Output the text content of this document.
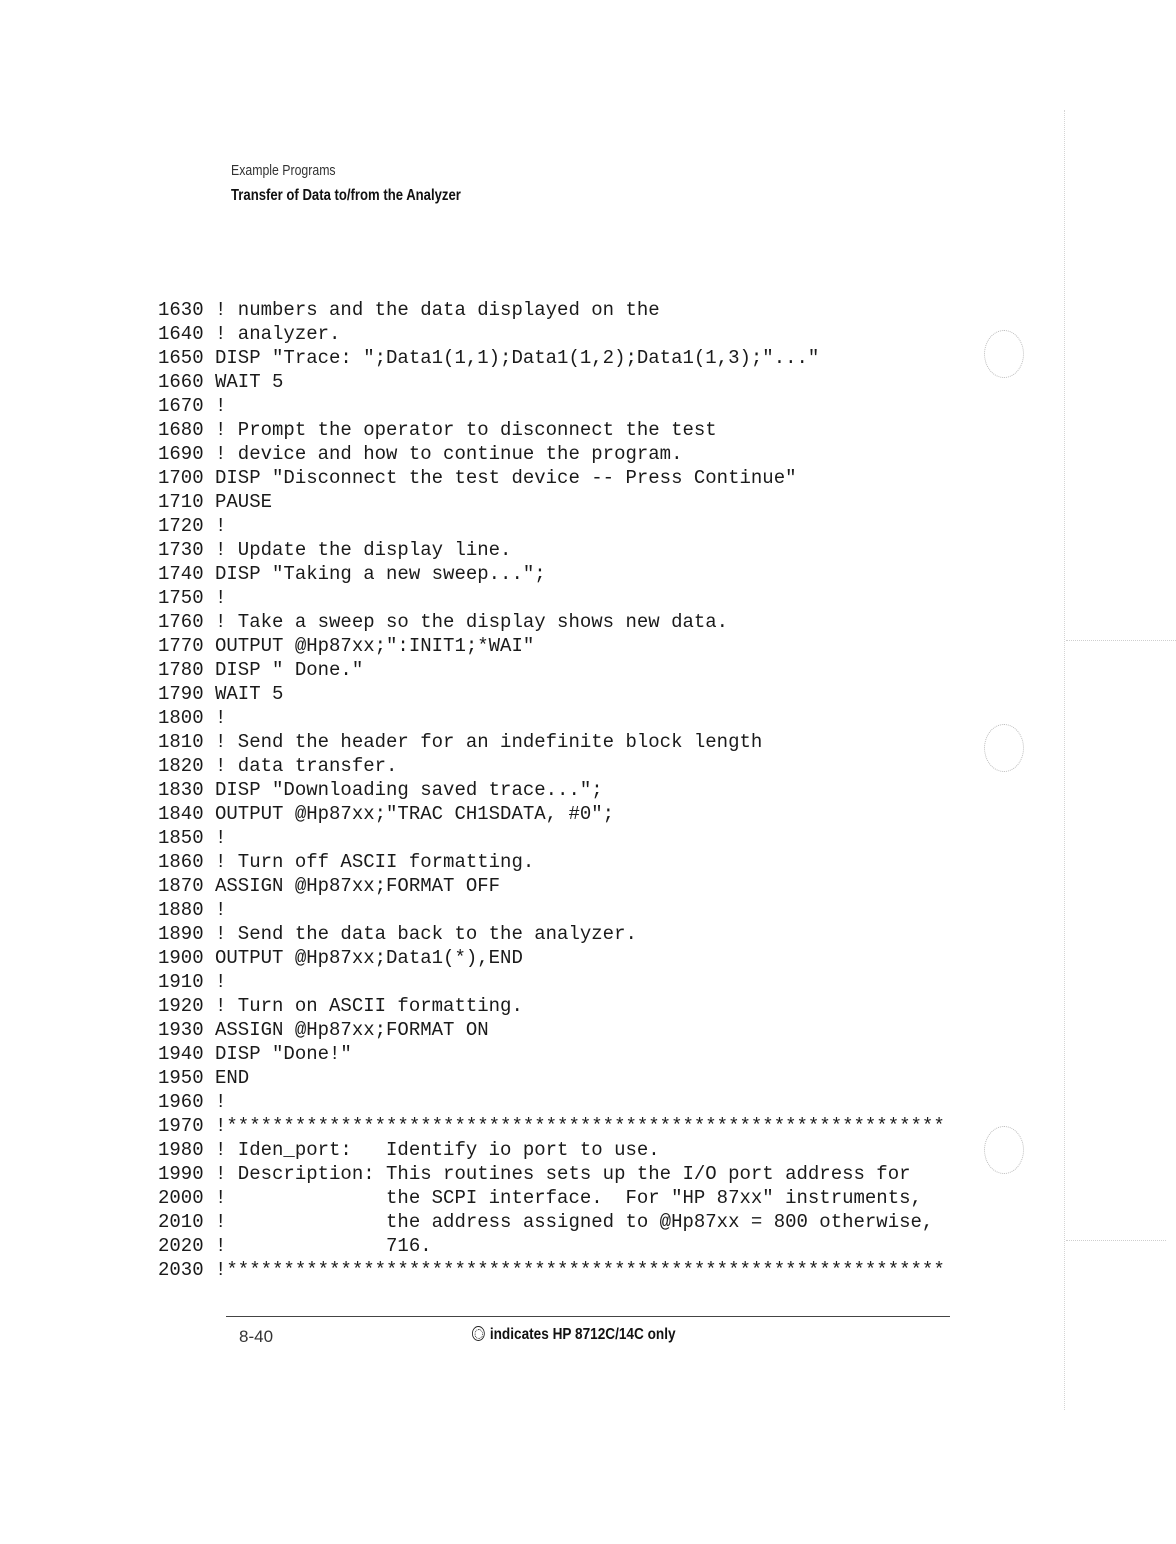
Example Programs
Transfer of Data to/from the Analyzer
1630 ! numbers and the data displayed on the
1640 ! analyzer.
1650 DISP "Trace: ";Data1(1,1);Data1(1,2);Data1(1,3);"..."
1660 WAIT 5
1670 !
1680 ! Prompt the operator to disconnect the test
1690 ! device and how to continue the program.
1700 DISP "Disconnect the test device -- Press Continue"
1710 PAUSE
1720 !
1730 ! Update the display line.
1740 DISP "Taking a new sweep...";
1750 !
1760 ! Take a sweep so the display shows new data.
1770 OUTPUT @Hp87xx;":INIT1;*WAI"
1780 DISP " Done."
1790 WAIT 5
1800 !
1810 ! Send the header for an indefinite block length
1820 ! data transfer.
1830 DISP "Downloading saved trace...";
1840 OUTPUT @Hp87xx;"TRAC CH1SDATA, #0";
1850 !
1860 ! Turn off ASCII formatting.
1870 ASSIGN @Hp87xx;FORMAT OFF
1880 !
1890 ! Send the data back to the analyzer.
1900 OUTPUT @Hp87xx;Data1(*),END
1910 !
1920 ! Turn on ASCII formatting.
1930 ASSIGN @Hp87xx;FORMAT ON
1940 DISP "Done!"
1950 END
1960 !
1970 !***************************************************************
1980 ! Iden_port:   Identify io port to use.
1990 ! Description: This routines sets up the I/O port address for
2000 !              the SCPI interface.  For "HP 87xx" instruments,
2010 !              the address assigned to @Hp87xx = 800 otherwise,
2020 !              716.
2030 !***************************************************************
8-40	indicates HP 8712C/14C only
